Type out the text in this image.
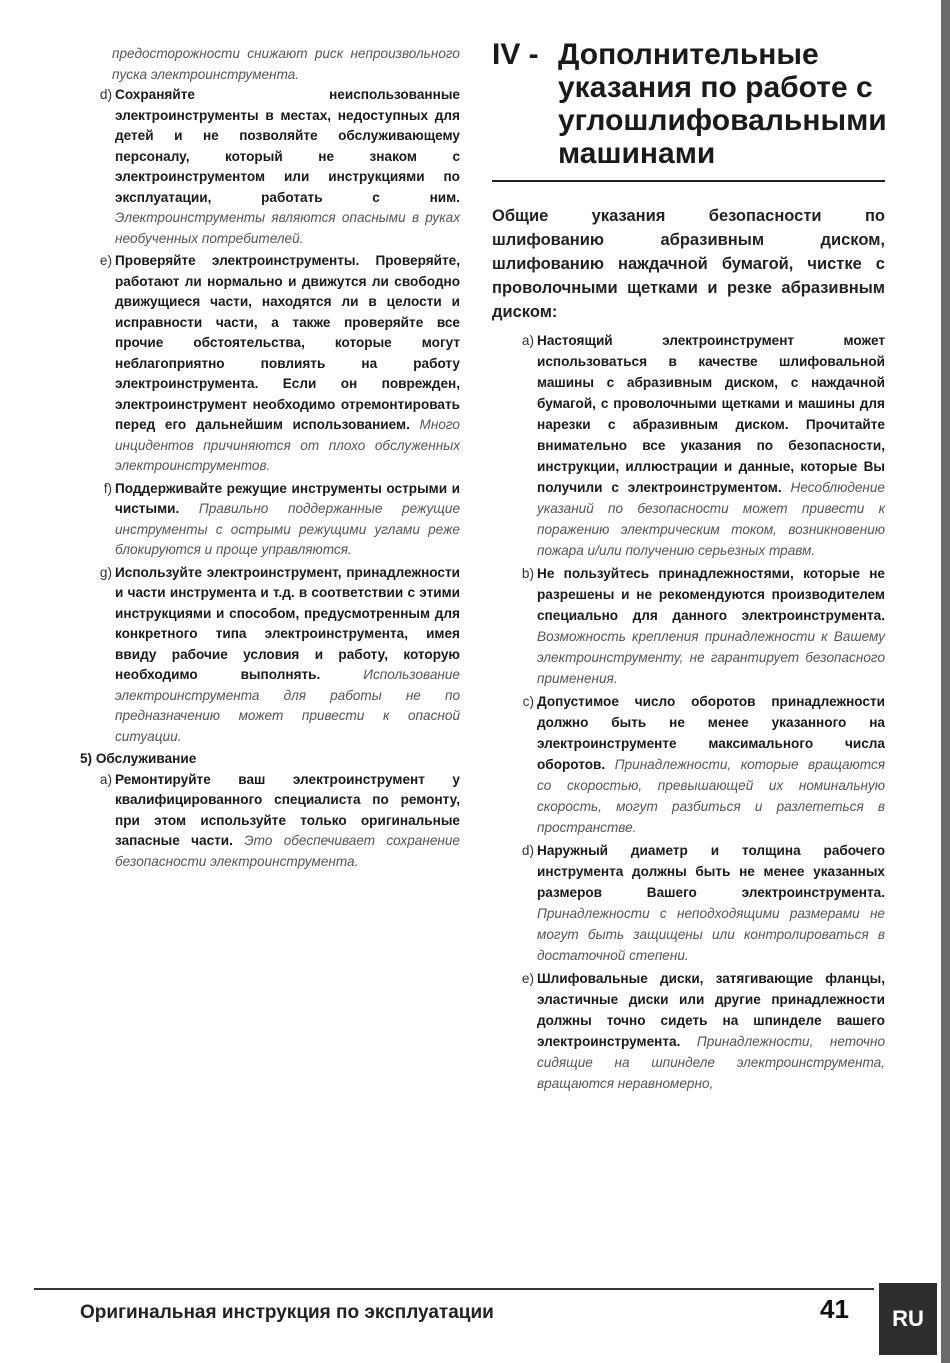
предосторожности снижают риск непроизвольного пуска электроинструмента.

d) Сохраняйте неиспользованные электроинструменты в местах, недоступных для детей и не позволяйте обслуживающему персоналу, который не знаком с электроинструментом или инструкциями по эксплуатации, работать с ним. Электроинструменты являются опасными в руках необученных потребителей.
e) Проверяйте электроинструменты. Проверяйте, работают ли нормально и движутся ли свободно движущиеся части, находятся ли в целости и исправности части, а также проверяйте все прочие обстоятельства, которые могут неблагоприятно повлиять на работу электроинструмента. Если он поврежден, электроинструмент необходимо отремонтировать перед его дальнейшим использованием. Много инцидентов причиняются от плохо обслуженных электроинструментов.
f) Поддерживайте режущие инструменты острыми и чистыми. Правильно поддержанные режущие инструменты с острыми режущими углами реже блокируются и проще управляются.
g) Используйте электроинструмент, принадлежности и части инструмента и т.д. в соответствии с этими инструкциями и способом, предусмотренным для конкретного типа электроинструмента, имея ввиду рабочие условия и работу, которую необходимо выполнять.	Использование электроинструмента для работы не по предназначению может привести к опасной ситуации.
5) Обслуживание
a) Ремонтируйте ваш электроинструмент у квалифицированного специалиста по ремонту, при этом используйте только оригинальные запасные части. Это обеспечивает сохранение безопасности электроинструмента.
IV - Дополнительные указания по работе с углошлифовальными машинами

Общие указания безопасности по шлифованию абразивным диском, шлифованию наждачной бумагой, чистке с проволочными щетками и резке абразивным диском:

a) Настоящий электроинструмент может использоваться в качестве шлифовальной машины с абразивным диском, с наждачной бумагой, с проволочными щетками и машины для нарезки с абразивным диском. Прочитайте внимательно все указания по безопасности, инструкции, иллюстрации и данные, которые Вы получили с электроинструментом. Несоблюдение указаний по безопасности может привести к поражению электрическим током, возникновению пожара и/или получению серьезных травм.
b) Не пользуйтесь принадлежностями, которые не разрешены и не рекомендуются производителем специально для данного электроинструмента. Возможность крепления принадлежности к Вашему электроинструменту, не гарантирует безопасного применения.
c) Допустимое число оборотов принадлежности должно быть не менее указанного на электроинструменте максимального числа оборотов. Принадлежности, которые вращаются со скоростью, превышающей их номинальную скорость, могут разбиться и разлететься в пространстве.
d) Наружный диаметр и толщина рабочего инструмента должны быть не менее указанных размеров Вашего электроинструмента. Принадлежности с неподходящими размерами не могут быть защищены или контролироваться в достаточной степени.
e) Шлифовальные диски, затягивающие фланцы, эластичные диски или другие принадлежности должны точно сидеть на шпинделе вашего электроинструмента. Принадлежности, неточно сидящие на шпинделе электроинструмента, вращаются неравномерно,
Оригинальная инструкция по эксплуатации	41	RU
